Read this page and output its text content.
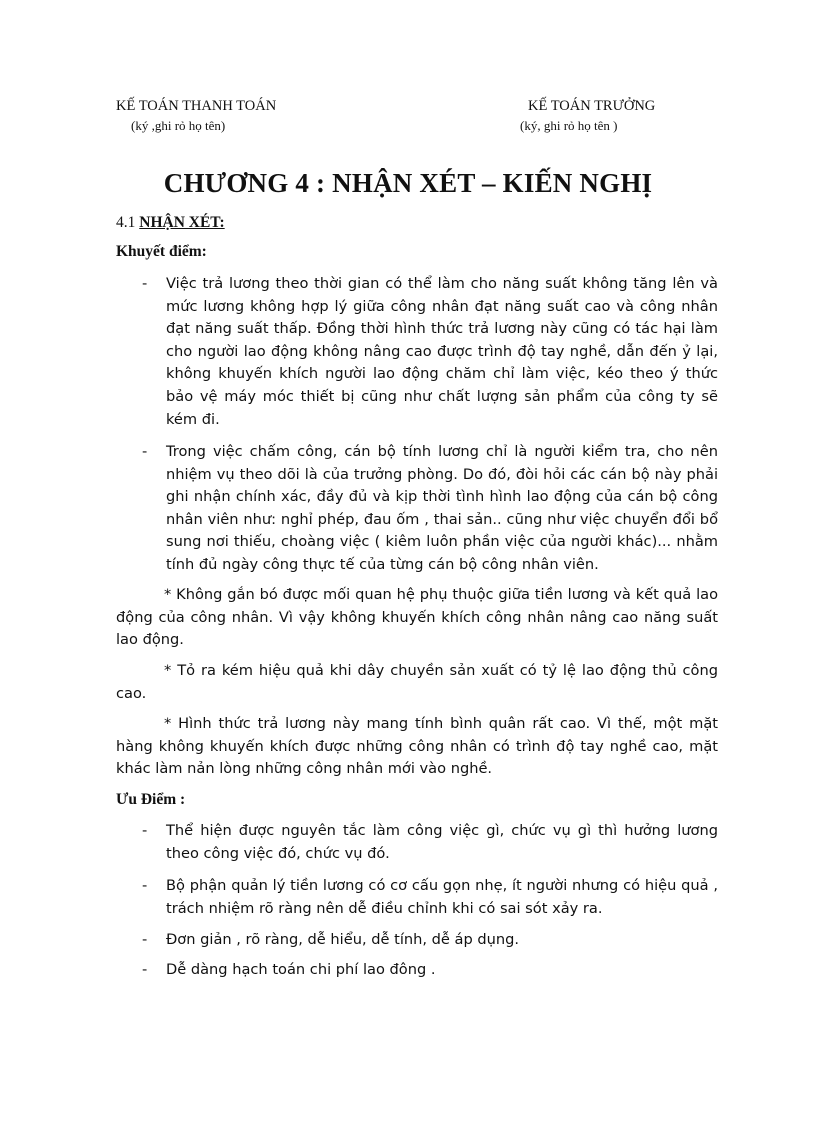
KẾ TOÁN THANH TOÁN
(ký ,ghi rỏ họ tên)
KẾ TOÁN TRƯỞNG
(ký, ghi rỏ họ tên )
CHƯƠNG 4 : NHẬN XÉT – KIẾN NGHỊ
4.1 NHẬN XÉT:
Khuyết điểm:
- Việc trả lương theo thời gian có thể làm cho năng suất không tăng lên và mức lương không hợp lý giữa công nhân đạt năng suất cao và công nhân đạt năng suất thấp. Đồng thời hình thức trả lương này cũng có tác hại làm cho người lao động không nâng cao được trình độ tay nghề, dẫn đến ỷ lại, không khuyến khích người lao động chăm chỉ làm việc, kéo theo ý thức bảo vệ máy móc thiết bị cũng như chất lượng sản phẩm của công ty sẽ kém đi.
- Trong việc chấm công, cán bộ tính lương chỉ là người kiểm tra, cho nên nhiệm vụ theo dõi là của trưởng phòng. Do đó, đòi hỏi các cán bộ này phải ghi nhận chính xác, đầy đủ và kịp thời tình hình lao động của cán bộ công nhân viên như: nghỉ phép, đau ốm , thai sản.. cũng như việc chuyển đổi bổ sung nơi thiếu, choàng việc ( kiêm luôn phần việc của người khác)... nhằm tính đủ ngày công thực tế của từng cán bộ công nhân viên.
* Không gắn bó được mối quan hệ phụ thuộc giữa tiền lương và kết quả lao động của công nhân. Vì vậy không khuyến khích công nhân nâng cao năng suất lao động.
* Tỏ ra kém hiệu quả khi dây chuyền sản xuất có tỷ lệ lao động thủ công cao.
* Hình thức trả lương này mang tính bình quân rất cao. Vì thế, một mặt hàng không khuyến khích được những công nhân có trình độ tay nghề cao, mặt khác làm nản lòng những công nhân mới vào nghề.
Ưu Điểm :
- Thể hiện được nguyên tắc làm công việc gì, chức vụ gì thì hưởng lương theo công việc đó, chức vụ đó.
- Bộ phận quản lý tiền lương có cơ cấu gọn nhẹ, ít người nhưng có hiệu quả , trách nhiệm rõ ràng nên dễ điều chỉnh khi có sai sót xảy ra.
- Đơn giản , rõ ràng, dễ hiểu, dễ tính, dễ áp dụng.
- Dễ dàng hạch toán chi phí lao đông .
